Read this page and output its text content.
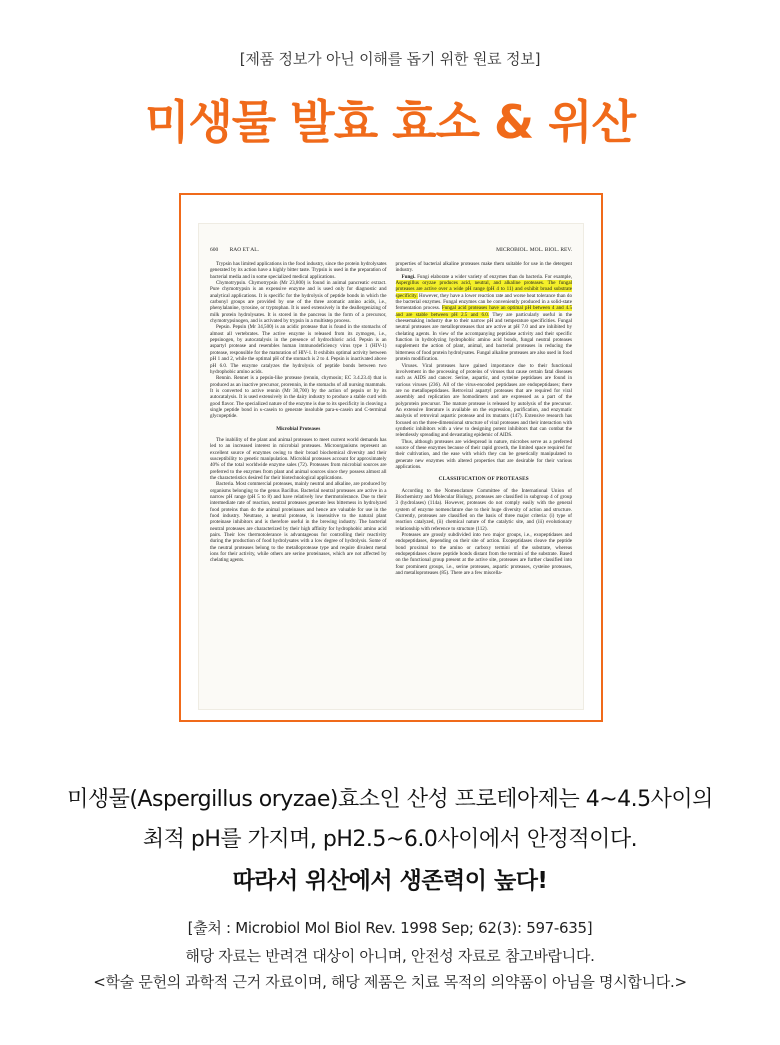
[제품 정보가 아닌 이해를 돕기 위한 원료 정보]
미생물 발효 효소 & 위산
600 RAO ET AL.	MICROBIOL. MOL. BIOL. REV.

Trypsin has limited applications in the food industry, since the protein hydrolysates generated by its action have a highly bitter taste. Trypsin is used in the preparation of bacterial media and in some specialized medical applications.

Chymotrypsin. Chymotrypsin (Mr 23,800) is found in animal pancreatic extract. Pure chymotrypsin is an expensive enzyme and is used only for diagnostic and analytical applications. It is specific for the hydrolysis of peptide bonds in which the carbonyl groups are provided by one of the three aromatic amino acids, i.e., phenylalanine, tyrosine, or tryptophan. It is used extensively in the deallergenizing of milk protein hydrolysates. It is stored in the pancreas in the form of a precursor, chymotrypsinogen, and is activated by trypsin in a multistep process.

Pepsin. Pepsin (Mr 34,500) is an acidic protease that is found in the stomachs of almost all vertebrates. The active enzyme is released from its zymogen, i.e., pepsinogen, by autocatalysis in the presence of hydrochloric acid. Pepsin is an aspartyl protease and resembles human immunodeficiency virus type 1 (HIV-1) protease, responsible for the maturation of HIV-1. It exhibits optimal activity between pH 1 and 2, while the optimal pH of the stomach is 2 to 4. Pepsin is inactivated above pH 6.0. The enzyme catalyzes the hydrolysis of peptide bonds between two hydrophobic amino acids.

Rennin. Rennet is a pepsin-like protease (rennin, chymosin; EC 3.4.23.4) that is produced as an inactive precursor, prorennin, in the stomachs of all nursing mammals. It is converted to active rennin (Mr 30,700) by the action of pepsin or by its autocatalysis. It is used extensively in the dairy industry to produce a stable curd with good flavor. The specialized nature of the enzyme is due to its specificity in cleaving a single peptide bond in κ-casein to generate insoluble para-κ-casein and C-terminal glycopeptide.

Microbial Proteases

The inability of the plant and animal proteases to meet current world demands has led to an increased interest in microbial proteases. Microorganisms represent an excellent source of enzymes owing to their broad biochemical diversity and their susceptibility to genetic manipulation. Microbial proteases account for approximately 40% of the total worldwide enzyme sales (72). Proteases from microbial sources are preferred to the enzymes from plant and animal sources since they possess almost all the characteristics desired for their biotechnological applications.

Bacteria. Most commercial proteases, mainly neutral and alkaline, are produced by organisms belonging to the genus Bacillus. Bacterial neutral proteases are active in a narrow pH range (pH 5 to 8) and have relatively low thermotolerance. Due to their intermediate rate of reaction, neutral proteases generate less bitterness in hydrolyzed food proteins than do the animal proteinases and hence are valuable for use in the food industry. Neutrase, a neutral protease, is insensitive to the natural plant proteinase inhibitors and is therefore useful in the brewing industry. The bacterial neutral proteases are characterized by their high affinity for hydrophobic amino acid pairs. Their low thermotolerance is advantageous for controlling their reactivity during the production of food hydrolysates with a low degree of hydrolysis. Some of the neutral proteases belong to the metalloprotease type and require divalent metal ions for their activity, while others are serine proteinases, which are not affected by chelating agents.

properties of bacterial alkaline proteases make them suitable for use in the detergent industry.

Fungi. Fungi elaborate a wider variety of enzymes than do bacteria. For example, Aspergillus oryzae produces acid, neutral, and alkaline proteases. The fungal proteases are active over a wide pH range (pH 4 to 11) and exhibit broad substrate specificity. However, they have a lower reaction rate and worse heat tolerance than do the bacterial enzymes. Fungal enzymes can be conveniently produced in a solid-state fermentation process. Fungal acid proteases have an optimal pH between 4 and 4.5 and are stable between pH 2.5 and 6.0. They are particularly useful in the cheesemaking industry due to their narrow pH and temperature specificities. Fungal neutral proteases are metalloproteases that are active at pH 7.0 and are inhibited by chelating agents. In view of the accompanying peptidase activity and their specific function in hydrolyzing hydrophobic amino acid bonds, fungal neutral proteases supplement the action of plant, animal, and bacterial proteases in reducing the bitterness of food protein hydrolysates. Fungal alkaline proteases are also used in food protein modification.

Viruses. Viral proteases have gained importance due to their functional involvement in the processing of proteins of viruses that cause certain fatal diseases such as AIDS and cancer. Serine, aspartic, and cysteine peptidases are found in various viruses (236). All of the virus-encoded peptidases are endopeptidases; there are no metallopeptidases. Retroviral aspartyl proteases that are required for viral assembly and replication are homodimers and are expressed as a part of the polyprotein precursor. The mature protease is released by autolysis of the precursor. An extensive literature is available on the expression, purification, and enzymatic analysis of retroviral aspartic protease and its mutants (147). Extensive research has focused on the three-dimensional structure of viral proteases and their interaction with synthetic inhibitors with a view to designing potent inhibitors that can combat the relentlessly spreading and devastating epidemic of AIDS.

Thus, although proteases are widespread in nature, microbes serve as a preferred source of these enzymes because of their rapid growth, the limited space required for their cultivation, and the ease with which they can be genetically manipulated to generate new enzymes with altered properties that are desirable for their various applications.

CLASSIFICATION OF PROTEASES

According to the Nomenclature Committee of the International Union of Biochemistry and Molecular Biology, proteases are classified in subgroup 4 of group 3 (hydrolases) (114a). However, proteases do not comply easily with the general system of enzyme nomenclature due to their huge diversity of action and structure. Currently, proteases are classified on the basis of three major criteria: (i) type of reaction catalyzed, (ii) chemical nature of the catalytic site, and (iii) evolutionary relationship with reference to structure (112).

Proteases are grossly subdivided into two major groups, i.e., exopeptidases and endopeptidases, depending on their site of action. Exopeptidases cleave the peptide bond proximal to the amino or carboxy termini of the substrate, whereas endopeptidases cleave peptide bonds distant from the termini of the substrate. Based on the functional group present at the active site, proteases are further classified into four prominent groups, i.e., serine proteases, aspartic proteases, cysteine proteases, and metalloproteases (85). There are a few miscella-

미생물(Aspergillus oryzae)효소인 산성 프로테아제는 4~4.5사이의
최적 pH를 가지며, pH2.5~6.0사이에서 안정적이다.
따라서 위산에서 생존력이 높다!
[출처 : Microbiol Mol Biol Rev. 1998 Sep; 62(3): 597-635]
해당 자료는 반려견 대상이 아니며, 안전성 자료로 참고바랍니다.
<학술 문헌의 과학적 근거 자료이며, 해당 제품은 치료 목적의 의약품이 아님을 명시합니다.>
